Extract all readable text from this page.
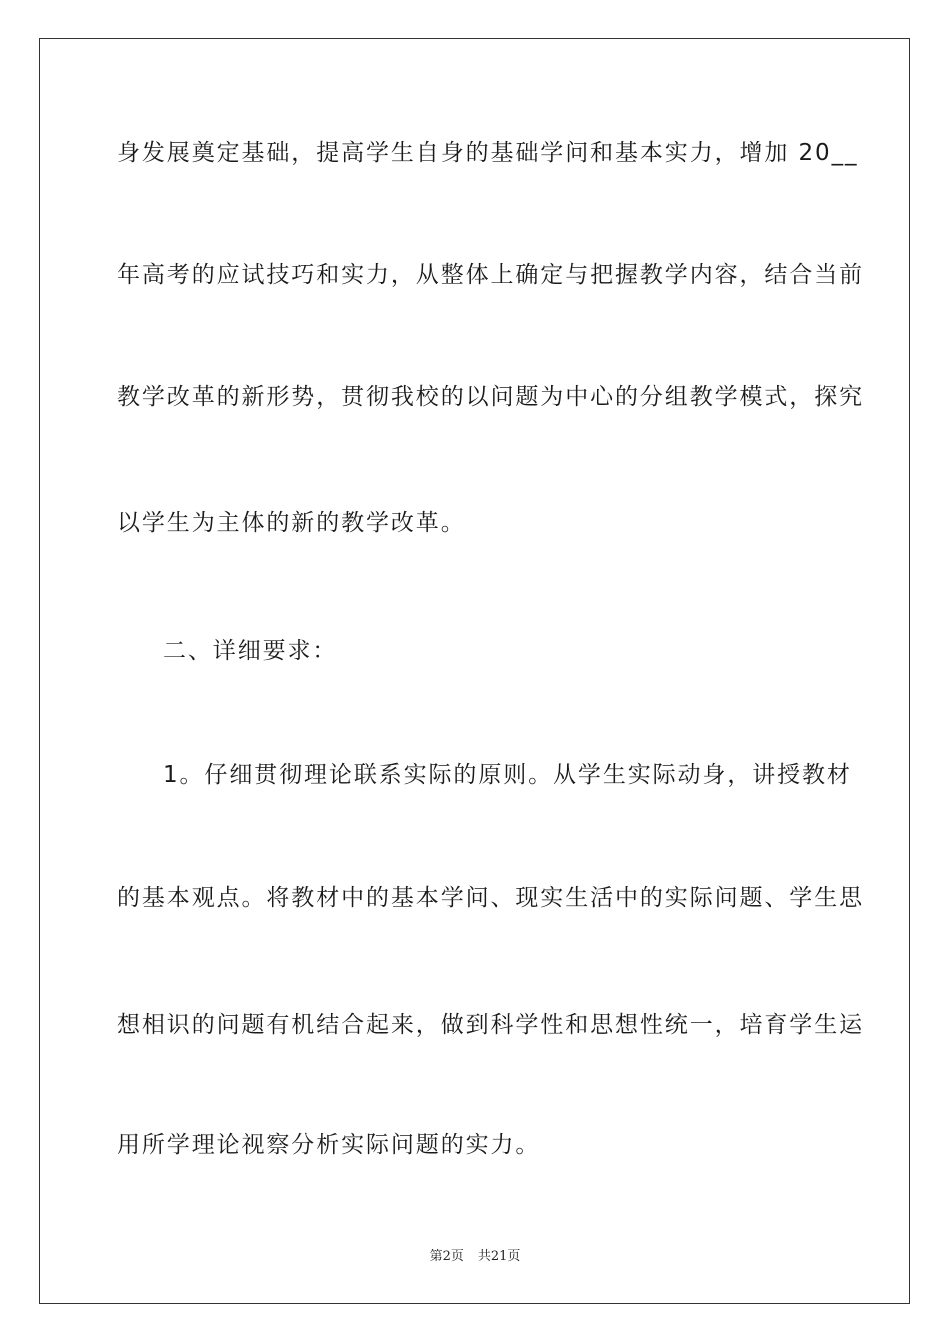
身发展奠定基础，提高学生自身的基础学问和基本实力，增加 20__
年高考的应试技巧和实力，从整体上确定与把握教学内容，结合当前
教学改革的新形势，贯彻我校的以问题为中心的分组教学模式，探究
以学生为主体的新的教学改革。
二、详细要求：
1。仔细贯彻理论联系实际的原则。从学生实际动身，讲授教材
的基本观点。将教材中的基本学问、现实生活中的实际问题、学生思
想相识的问题有机结合起来，做到科学性和思想性统一，培育学生运
用所学理论视察分析实际问题的实力。
第2页 共21页
